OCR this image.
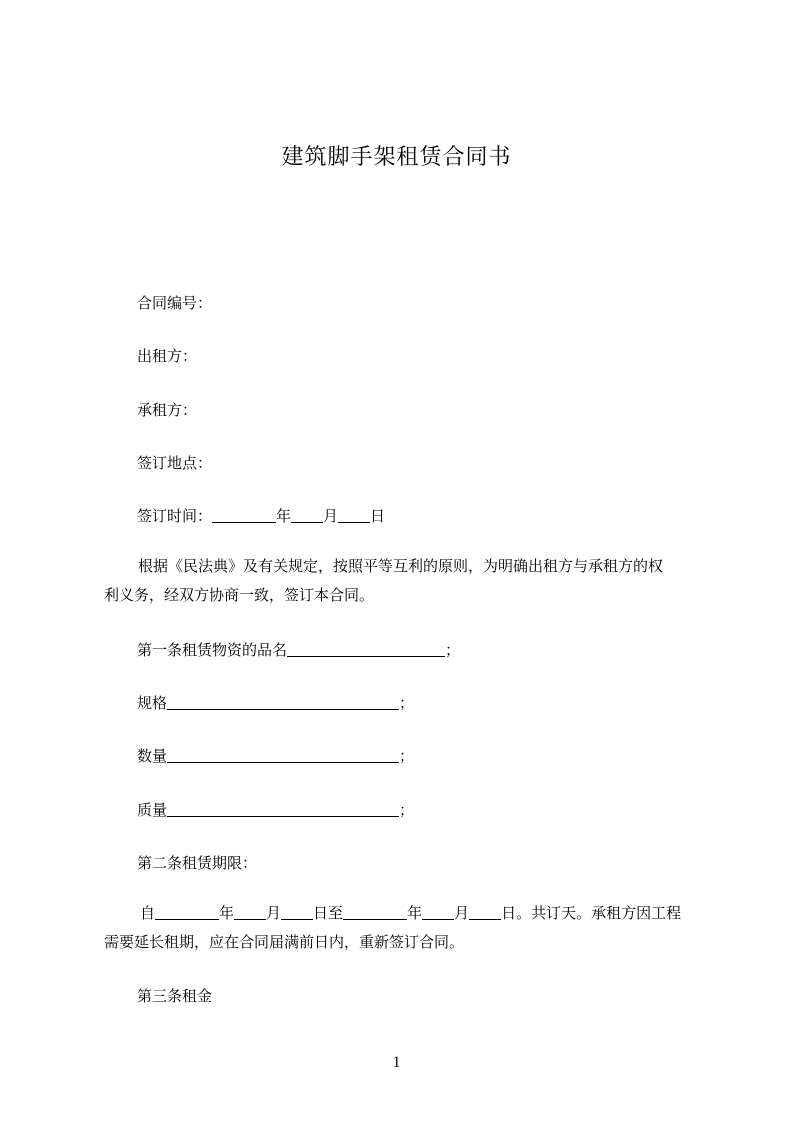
建筑脚手架租赁合同书
合同编号：
出租方：
承租方：
签订地点：
签订时间：	年 月 日
根据《民法典》及有关规定，按照平等互利的原则，为明确出租方与承租方的权
利义务，经双方协商一致，签订本合同。
第一条租赁物资的品名	；
规格	；
数量	；
质量	；
第二条租赁期限：
自	年 月 日至	年 月 日。共订天。承租方因工程
需要延长租期，应在合同届满前日内，重新签订合同。
第三条租金
1
